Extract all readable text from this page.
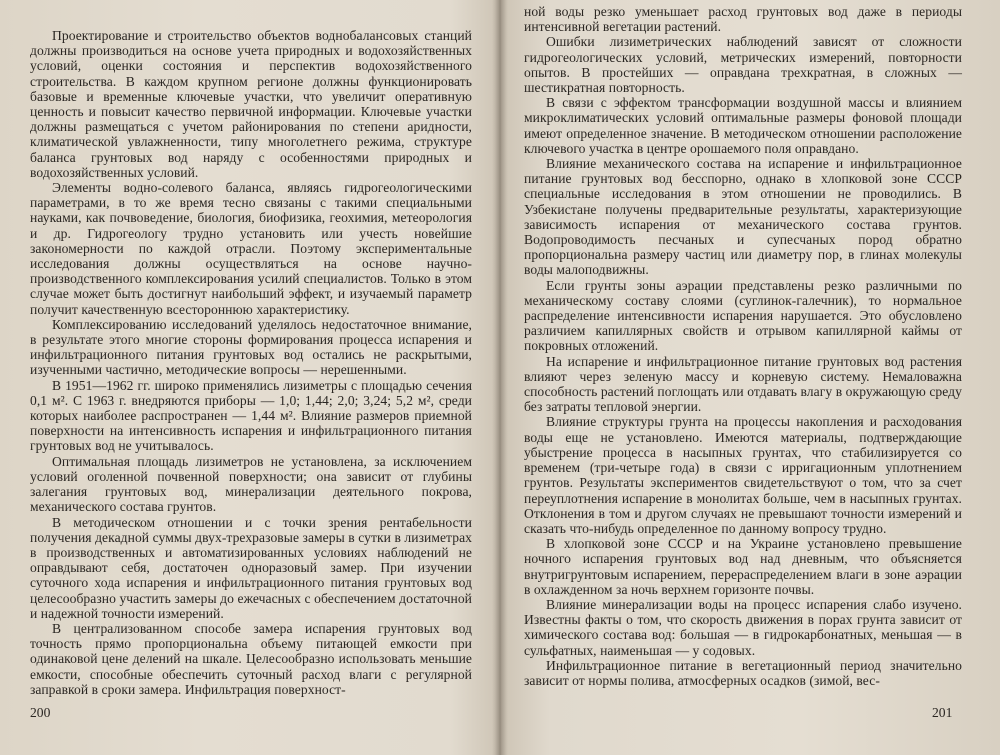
Проектирование и строительство объектов воднобалансовых станций должны производиться на основе учета природных и водохозяйственных условий, оценки состояния и перспектив водохозяйственного строительства. В каждом крупном регионе должны функционировать базовые и временные ключевые участки, что увеличит оперативную ценность и повысит качество первичной информации. Ключевые участки должны размещаться с учетом районирования по степени аридности, климатической увлажненности, типу многолетнего режима, структуре баланса грунтовых вод наряду с особенностями природных и водохозяйственных условий.

Элементы водно-солевого баланса, являясь гидрогеологическими параметрами, в то же время тесно связаны с такими специальными науками, как почвоведение, биология, биофизика, геохимия, метеорология и др. Гидрогеологу трудно установить или учесть новейшие закономерности по каждой отрасли. Поэтому экспериментальные исследования должны осуществляться на основе научно-производственного комплексирования усилий специалистов. Только в этом случае может быть достигнут наибольший эффект, и изучаемый параметр получит качественную всестороннюю характеристику.

Комплексированию исследований уделялось недостаточное внимание, в результате этого многие стороны формирования процесса испарения и инфильтрационного питания грунтовых вод остались не раскрытыми, изученными частично, методические вопросы — нерешенными.

В 1951—1962 гг. широко применялись лизиметры с площадью сечения 0,1 м². С 1963 г. внедряются приборы — 1,0; 1,44; 2,0; 3,24; 5,2 м², среди которых наиболее распространен — 1,44 м². Влияние размеров приемной поверхности на интенсивность испарения и инфильтрационного питания грунтовых вод не учитывалось.

Оптимальная площадь лизиметров не установлена, за исключением условий оголенной почвенной поверхности; она зависит от глубины залегания грунтовых вод, минерализации деятельного покрова, механического состава грунтов.

В методическом отношении и с точки зрения рентабельности получения декадной суммы двух-трехразовые замеры в сутки в лизиметрах в производственных и автоматизированных условиях наблюдений не оправдывают себя, достаточен одноразовый замер. При изучении суточного хода испарения и инфильтрационного питания грунтовых вод целесообразно участить замеры до ежечасных с обеспечением достаточной и надежной точности измерений.

В централизованном способе замера испарения грунтовых вод точность прямо пропорциональна объему питающей емкости при одинаковой цене делений на шкале. Целесообразно использовать меньшие емкости, способные обеспечить суточный расход влаги с регулярной заправкой в сроки замера. Инфильтрация поверхност-

200

ной воды резко уменьшает расход грунтовых вод даже в периоды интенсивной вегетации растений.

Ошибки лизиметрических наблюдений зависят от сложности гидрогеологических условий, метрических измерений, повторности опытов. В простейших — оправдана трехкратная, в сложных — шестикратная повторность.

В связи с эффектом трансформации воздушной массы и влиянием микроклиматических условий оптимальные размеры фоновой площади имеют определенное значение. В методическом отношении расположение ключевого участка в центре орошаемого поля оправдано.

Влияние механического состава на испарение и инфильтрационное питание грунтовых вод бесспорно, однако в хлопковой зоне СССР специальные исследования в этом отношении не проводились. В Узбекистане получены предварительные результаты, характеризующие зависимость испарения от механического состава грунтов. Водопроводимость песчаных и супесчаных пород обратно пропорциональна размеру частиц или диаметру пор, в глинах молекулы воды малоподвижны.

Если грунты зоны аэрации представлены резко различными по механическому составу слоями (суглинок-галечник), то нормальное распределение интенсивности испарения нарушается. Это обусловлено различием капиллярных свойств и отрывом капиллярной каймы от покровных отложений.

На испарение и инфильтрационное питание грунтовых вод растения влияют через зеленую массу и корневую систему. Немаловажна способность растений поглощать или отдавать влагу в окружающую среду без затраты тепловой энергии.

Влияние структуры грунта на процессы накопления и расходования воды еще не установлено. Имеются материалы, подтверждающие убыстрение процесса в насыпных грунтах, что стабилизируется со временем (три-четыре года) в связи с ирригационным уплотнением грунтов. Результаты экспериментов свидетельствуют о том, что за счет переуплотнения испарение в монолитах больше, чем в насыпных грунтах. Отклонения в том и другом случаях не превышают точности измерений и сказать что-нибудь определенное по данному вопросу трудно.

В хлопковой зоне СССР и на Украине установлено превышение ночного испарения грунтовых вод над дневным, что объясняется внутригрунтовым испарением, перераспределением влаги в зоне аэрации в охлажденном за ночь верхнем горизонте почвы.

Влияние минерализации воды на процесс испарения слабо изучено. Известны факты о том, что скорость движения в порах грунта зависит от химического состава вод: большая — в гидрокарбонатных, меньшая — в сульфатных, наименьшая — у содовых.

Инфильтрационное питание в вегетационный период значительно зависит от нормы полива, атмосферных осадков (зимой, вес-

201
